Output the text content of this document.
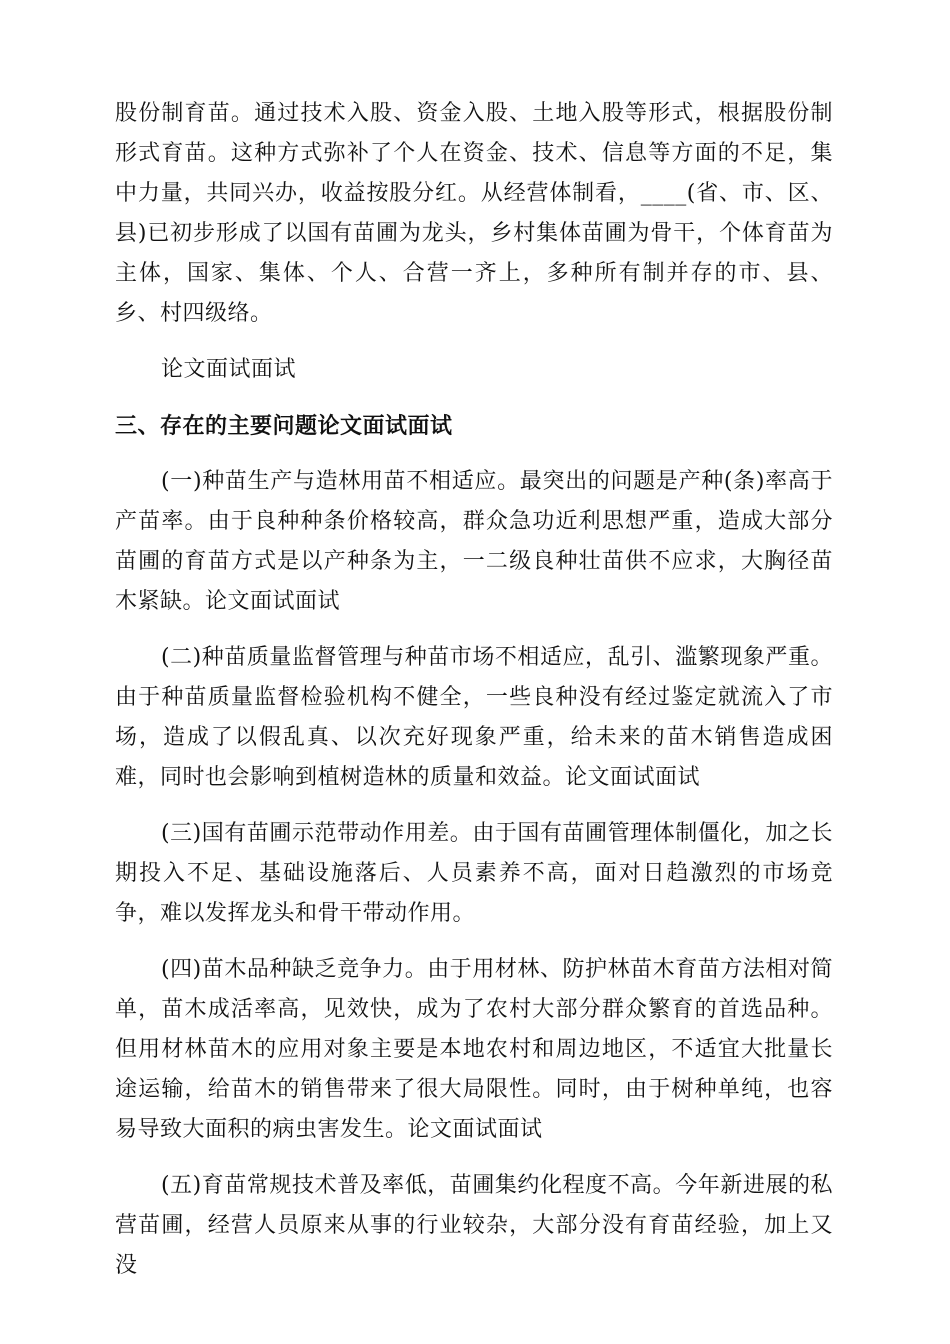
股份制育苗。通过技术入股、资金入股、土地入股等形式，根据股份制形式育苗。这种方式弥补了个人在资金、技术、信息等方面的不足，集中力量，共同兴办，收益按股分红。从经营体制看，____(省、市、区、县)已初步形成了以国有苗圃为龙头，乡村集体苗圃为骨干，个体育苗为主体，国家、集体、个人、合营一齐上，多种所有制并存的市、县、乡、村四级络。

论文面试面试

三、存在的主要问题论文面试面试

(一)种苗生产与造林用苗不相适应。最突出的问题是产种(条)率高于产苗率。由于良种种条价格较高，群众急功近利思想严重，造成大部分苗圃的育苗方式是以产种条为主，一二级良种壮苗供不应求，大胸径苗木紧缺。论文面试面试

(二)种苗质量监督管理与种苗市场不相适应，乱引、滥繁现象严重。由于种苗质量监督检验机构不健全，一些良种没有经过鉴定就流入了市场，造成了以假乱真、以次充好现象严重，给未来的苗木销售造成困难，同时也会影响到植树造林的质量和效益。论文面试面试

(三)国有苗圃示范带动作用差。由于国有苗圃管理体制僵化，加之长期投入不足、基础设施落后、人员素养不高，面对日趋激烈的市场竞争，难以发挥龙头和骨干带动作用。

(四)苗木品种缺乏竞争力。由于用材林、防护林苗木育苗方法相对简单，苗木成活率高，见效快，成为了农村大部分群众繁育的首选品种。但用材林苗木的应用对象主要是本地农村和周边地区，不适宜大批量长途运输，给苗木的销售带来了很大局限性。同时，由于树种单纯，也容易导致大面积的病虫害发生。论文面试面试

(五)育苗常规技术普及率低，苗圃集约化程度不高。今年新进展的私营苗圃，经营人员原来从事的行业较杂，大部分没有育苗经验，加上又没
